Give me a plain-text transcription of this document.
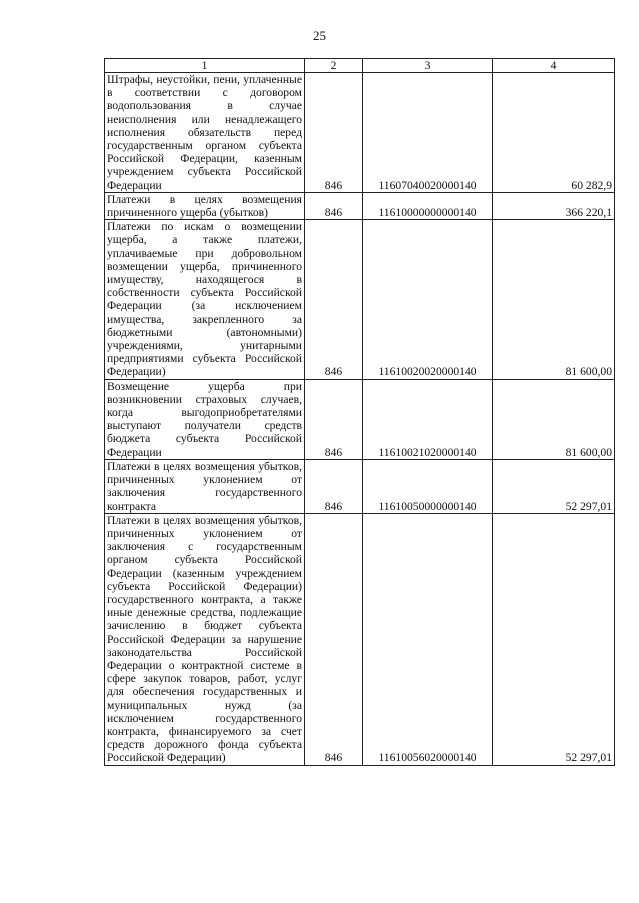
25
1	2	3	4
Штрафы, неустойки, пени, уплаченные в соответствии с договором водопользования в случае неисполнения или ненадлежащего исполнения обязательств перед государственным органом субъекта Российской Федерации, казенным учреждением субъекта Российской Федерации	846	11607040020000140	60 282,9
Платежи в целях возмещения причиненного ущерба (убытков)	846	11610000000000140	366 220,1
Платежи по искам о возмещении ущерба, а также платежи, уплачиваемые при добровольном возмещении ущерба, причиненного имуществу, находящегося в собственности субъекта Российской Федерации (за исключением имущества, закрепленного за бюджетными (автономными) учреждениями, унитарными предприятиями субъекта Российской Федерации)	846	11610020020000140	81 600,00
Возмещение ущерба при возникновении страховых случаев, когда выгодоприобретателями выступают получатели средств бюджета субъекта Российской Федерации	846	11610021020000140	81 600,00
Платежи в целях возмещения убытков, причиненных уклонением от заключения государственного контракта	846	11610050000000140	52 297,01
Платежи в целях возмещения убытков, причиненных уклонением от заключения с государственным органом субъекта Российской Федерации (казенным учреждением субъекта Российской Федерации) государственного контракта, а также иные денежные средства, подлежащие зачислению в бюджет субъекта Российской Федерации за нарушение законодательства Российской Федерации о контрактной системе в сфере закупок товаров, работ, услуг для обеспечения государственных и муниципальных нужд (за исключением государственного контракта, финансируемого за счет средств дорожного фонда субъекта Российской Федерации)	846	11610056020000140	52 297,01
